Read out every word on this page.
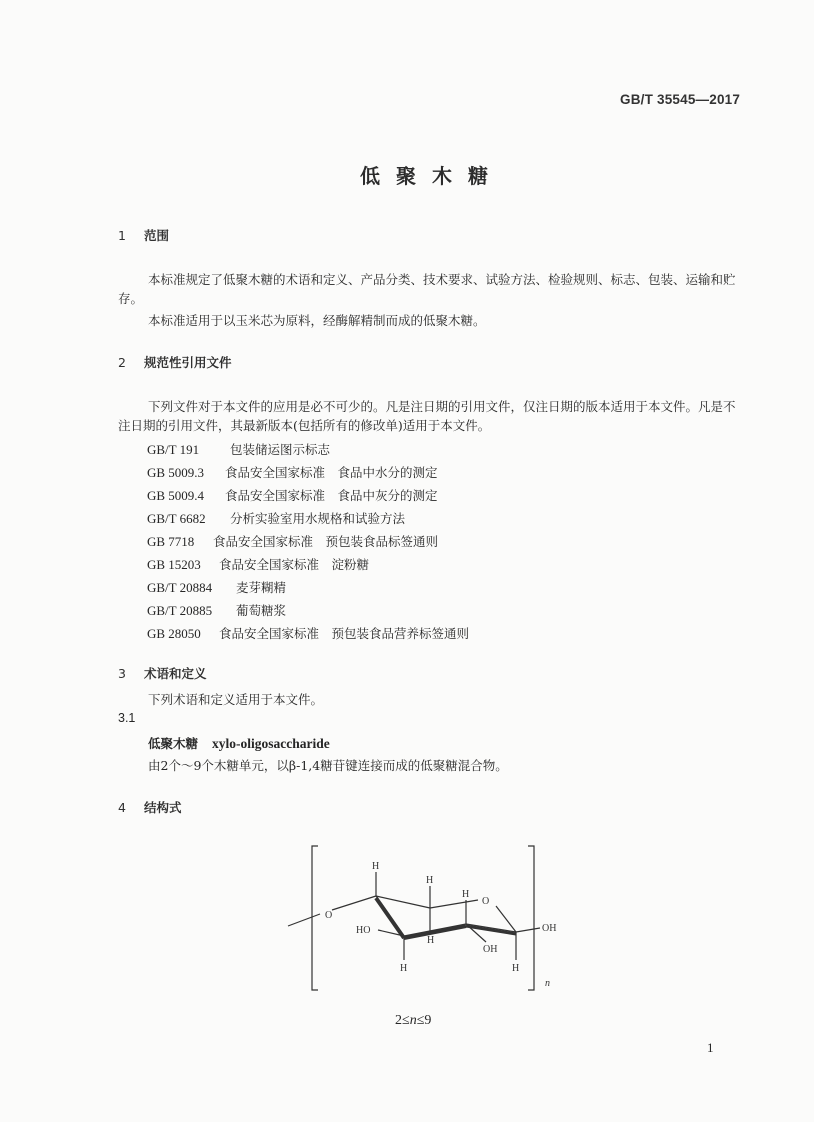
GB/T 35545—2017
低聚木糖
1 范围
本标准规定了低聚木糖的术语和定义、产品分类、技术要求、试验方法、检验规则、标志、包装、运输和贮存。
本标准适用于以玉米芯为原料，经酶解精制而成的低聚木糖。
2 规范性引用文件
下列文件对于本文件的应用是必不可少的。凡是注日期的引用文件，仅注日期的版本适用于本文件。凡是不注日期的引用文件，其最新版本(包括所有的修改单)适用于本文件。
GB/T 191 包装储运图示标志
GB 5009.3 食品安全国家标准　食品中水分的测定
GB 5009.4 食品安全国家标准　食品中灰分的测定
GB/T 6682 分析实验室用水规格和试验方法
GB 7718 食品安全国家标准　预包装食品标签通则
GB 15203 食品安全国家标准　淀粉糖
GB/T 20884 麦芽糊精
GB/T 20885 葡萄糖浆
GB 28050 食品安全国家标准　预包装食品营养标签通则
3 术语和定义
下列术语和定义适用于本文件。
3.1
低聚木糖 xylo-oligosaccharide
由2个～9个木糖单元，以β-1,4糖苷键连接而成的低聚糖混合物。
4 结构式
O
H
H
HO
H
H
H
O
OH
H
OH
n
2≤n≤9
1
